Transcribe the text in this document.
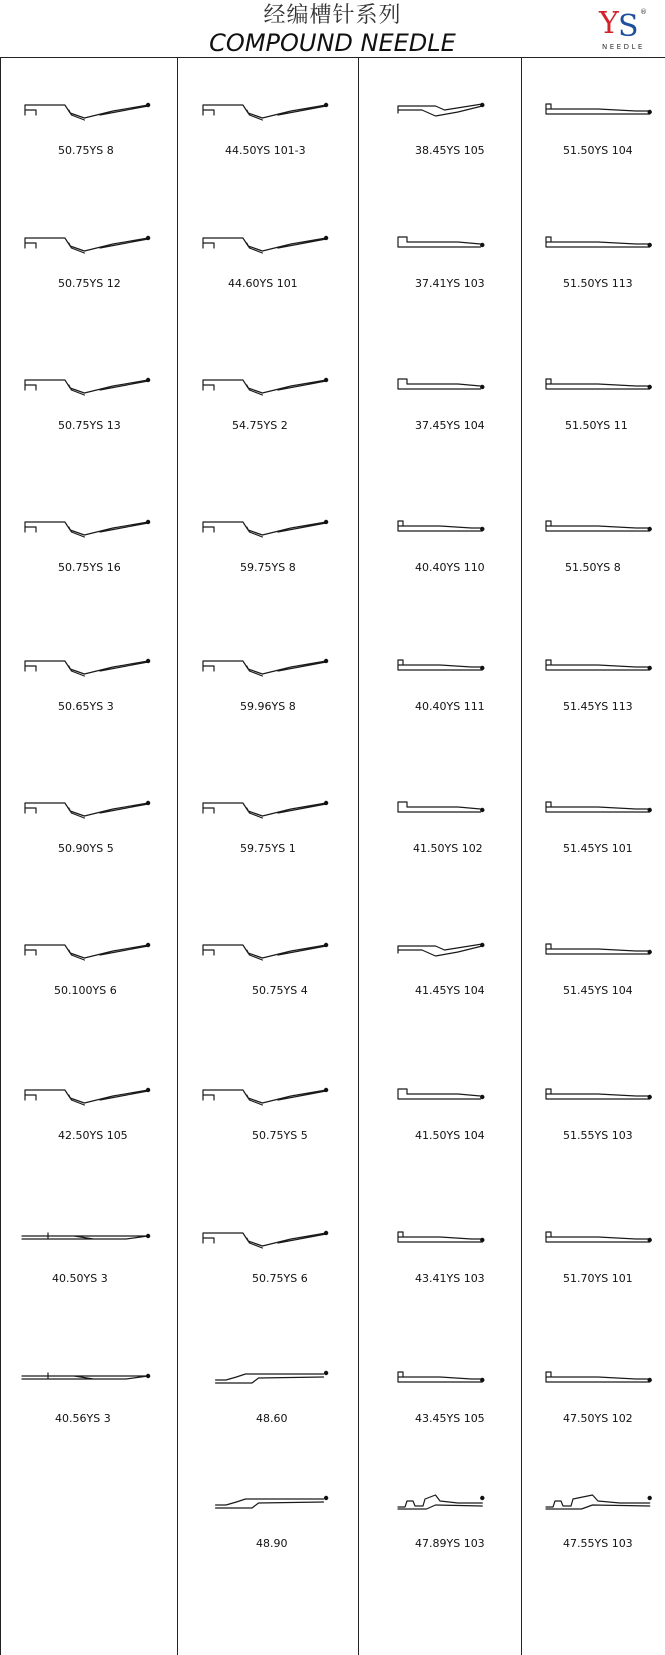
经编槽针系列
COMPOUND NEEDLE
Y S ®
NEEDLE
50.75YS 8
50.75YS 12
50.75YS 13
50.75YS 16
50.65YS 3
50.90YS 5
50.100YS 6
42.50YS 105
40.50YS 3
40.56YS 3
44.50YS 101-3
44.60YS 101
54.75YS 2
59.75YS 8
59.96YS 8
59.75YS 1
50.75YS 4
50.75YS 5
50.75YS 6
48.60
48.90
38.45YS 105
37.41YS 103
37.45YS 104
40.40YS 110
40.40YS 111
41.50YS 102
41.45YS 104
41.50YS 104
43.41YS 103
43.45YS 105
47.89YS 103
51.50YS 104
51.50YS 113
51.50YS 11
51.50YS 8
51.45YS 113
51.45YS 101
51.45YS 104
51.55YS 103
51.70YS 101
47.50YS 102
47.55YS 103
